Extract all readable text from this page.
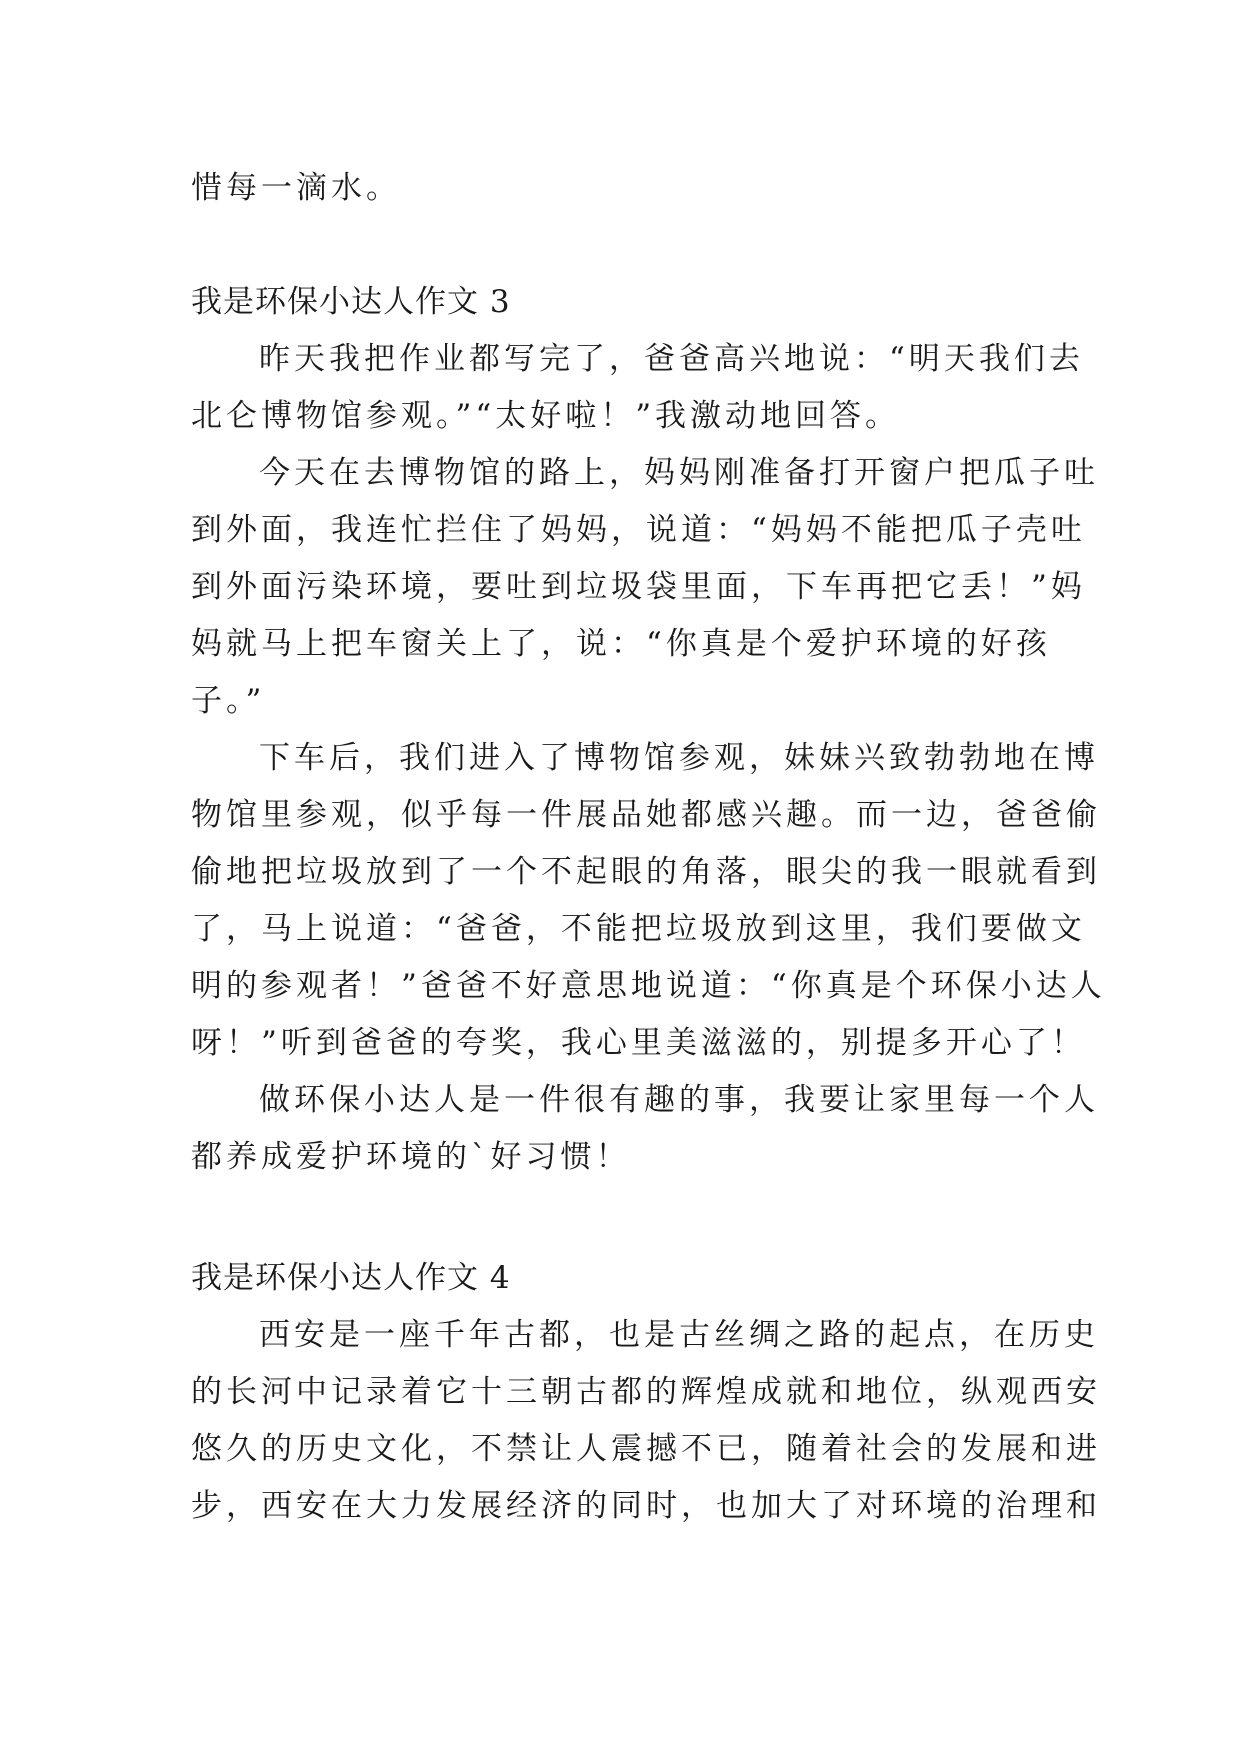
惜每一滴水。

我是环保小达人作文 3

昨天我把作业都写完了，爸爸高兴地说：“明天我们去
北仑博物馆参观。”“太好啦！”我激动地回答。
今天在去博物馆的路上，妈妈刚准备打开窗户把瓜子吐
到外面，我连忙拦住了妈妈，说道：“妈妈不能把瓜子壳吐
到外面污染环境，要吐到垃圾袋里面，下车再把它丢！”妈
妈就马上把车窗关上了，说：“你真是个爱护环境的好孩
子。”
下车后，我们进入了博物馆参观，妹妹兴致勃勃地在博
物馆里参观，似乎每一件展品她都感兴趣。而一边，爸爸偷
偷地把垃圾放到了一个不起眼的角落，眼尖的我一眼就看到
了，马上说道：“爸爸，不能把垃圾放到这里，我们要做文
明的参观者！”爸爸不好意思地说道：“你真是个环保小达人
呀！”听到爸爸的夸奖，我心里美滋滋的，别提多开心了！
做环保小达人是一件很有趣的事，我要让家里每一个人
都养成爱护环境的`好习惯！

我是环保小达人作文 4

西安是一座千年古都，也是古丝绸之路的起点，在历史
的长河中记录着它十三朝古都的辉煌成就和地位，纵观西安
悠久的历史文化，不禁让人震撼不已，随着社会的发展和进
步，西安在大力发展经济的同时，也加大了对环境的治理和
